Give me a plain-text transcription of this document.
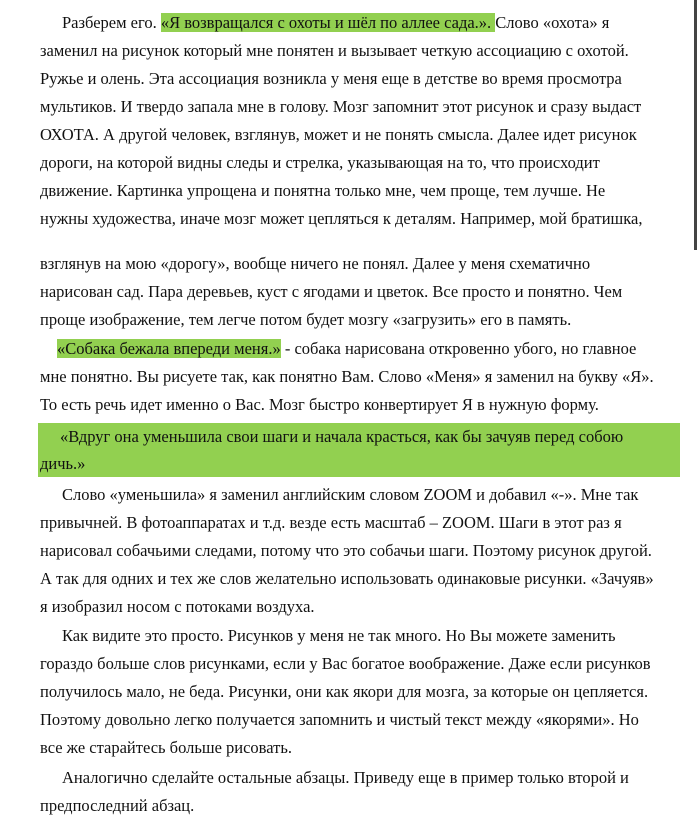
Разберем его. «Я возвращался с охоты и шёл по аллее сада.». Слово «охота» я
заменил на рисунок который мне понятен и вызывает четкую ассоциацию с охотой.
Ружье и олень. Эта ассоциация возникла у меня еще в детстве во время просмотра
мультиков. И твердо запала мне в голову. Мозг запомнит этот рисунок и сразу выдаст
ОХОТА. А другой человек, взглянув, может и не понять смысла. Далее идет рисунок
дороги, на которой видны следы и стрелка, указывающая на то, что происходит
движение. Картинка упрощена и понятна только мне, чем проще, тем лучше. Не
нужны художества, иначе мозг может цепляться к деталям. Например, мой братишка,
взглянув на мою «дорогу», вообще ничего не понял. Далее у меня схематично
нарисован сад. Пара деревьев, куст с ягодами и цветок. Все просто и понятно. Чем
проще изображение, тем легче потом будет мозгу «загрузить» его в память.
«Собака бежала впереди меня.» - собака нарисована откровенно убого, но главное
мне понятно. Вы рисуете так, как понятно Вам. Слово «Меня» я заменил на букву «Я».
То есть речь идет именно о Вас. Мозг быстро конвертирует Я в нужную форму.
«Вдруг она уменьшила свои шаги и начала красться, как бы зачуяв перед собою
дичь.»
Слово «уменьшила» я заменил английским словом ZOOM и добавил «-». Мне так
привычней. В фотоаппаратах и т.д. везде есть масштаб – ZOOM. Шаги в этот раз я
нарисовал собачьими следами, потому что это собачьи шаги. Поэтому рисунок другой.
А так для одних и тех же слов желательно использовать одинаковые рисунки. «Зачуяв»
я изобразил носом с потоками воздуха.
Как видите это просто. Рисунков у меня не так много. Но Вы можете заменить
гораздо больше слов рисунками, если у Вас богатое воображение. Даже если рисунков
получилось мало, не беда. Рисунки, они как якори для мозга, за которые он цепляется.
Поэтому довольно легко получается запомнить и чистый текст между «якорями». Но
все же старайтесь больше рисовать.
Аналогично сделайте остальные абзацы. Приведу еще в пример только второй и
предпоследний абзац.
